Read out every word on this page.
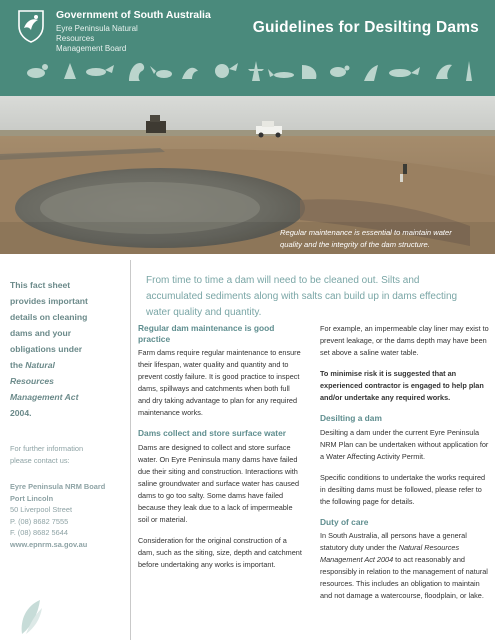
Government of South Australia
Eyre Peninsula Natural Resources
Management Board
Guidelines for Desilting Dams
Regular maintenance is essential to maintain water
quality and the integrity of the dam structure.
This fact sheet
provides important
details on cleaning
dams and your
obligations under
the Natural
Resources
Management Act
2004.
For further information
please contact us:
Eyre Peninsula NRM Board
Port Lincoln
50 Liverpool Street
P. (08) 8682 7555
F. (08) 8682 5644
www.epnrm.sa.gov.au
From time to time a dam will need to be cleaned out. Silts and
accumulated sediments along with salts can build up in dams effecting
water quality and quantity.
Regular dam maintenance is good practice
Farm dams require regular maintenance to ensure their lifespan, water quality and quantity and to prevent costly failure. It is good practice to inspect dams, spillways and catchments when both full and dry taking advantage to plan for any required maintenance works.
Dams collect and store surface water
Dams are designed to collect and store surface water. On Eyre Peninsula many dams have failed due their siting and construction. Interactions with saline groundwater and surface water has caused dams to go too salty. Some dams have failed because they leak due to a lack of impermeable soil or material.
Consideration for the original construction of a dam, such as the siting, size, depth and catchment before undertaking any works is important.
For example, an impermeable clay liner may exist to prevent leakage, or the dams depth may have been set above a saline water table.
To minimise risk it is suggested that an experienced contractor is engaged to help plan and/or undertake any required works.
Desilting a dam
Desilting a dam under the current Eyre Peninsula NRM Plan can be undertaken without application for a Water Affecting Activity Permit.
Specific conditions to undertake the works required in desilting dams must be followed, please refer to the following page for details.
Duty of care
In South Australia, all persons have a general statutory duty under the Natural Resources Management Act 2004 to act reasonably and responsibly in relation to the management of natural resources. This includes an obligation to maintain and not damage a watercourse, floodplain, or lake.
